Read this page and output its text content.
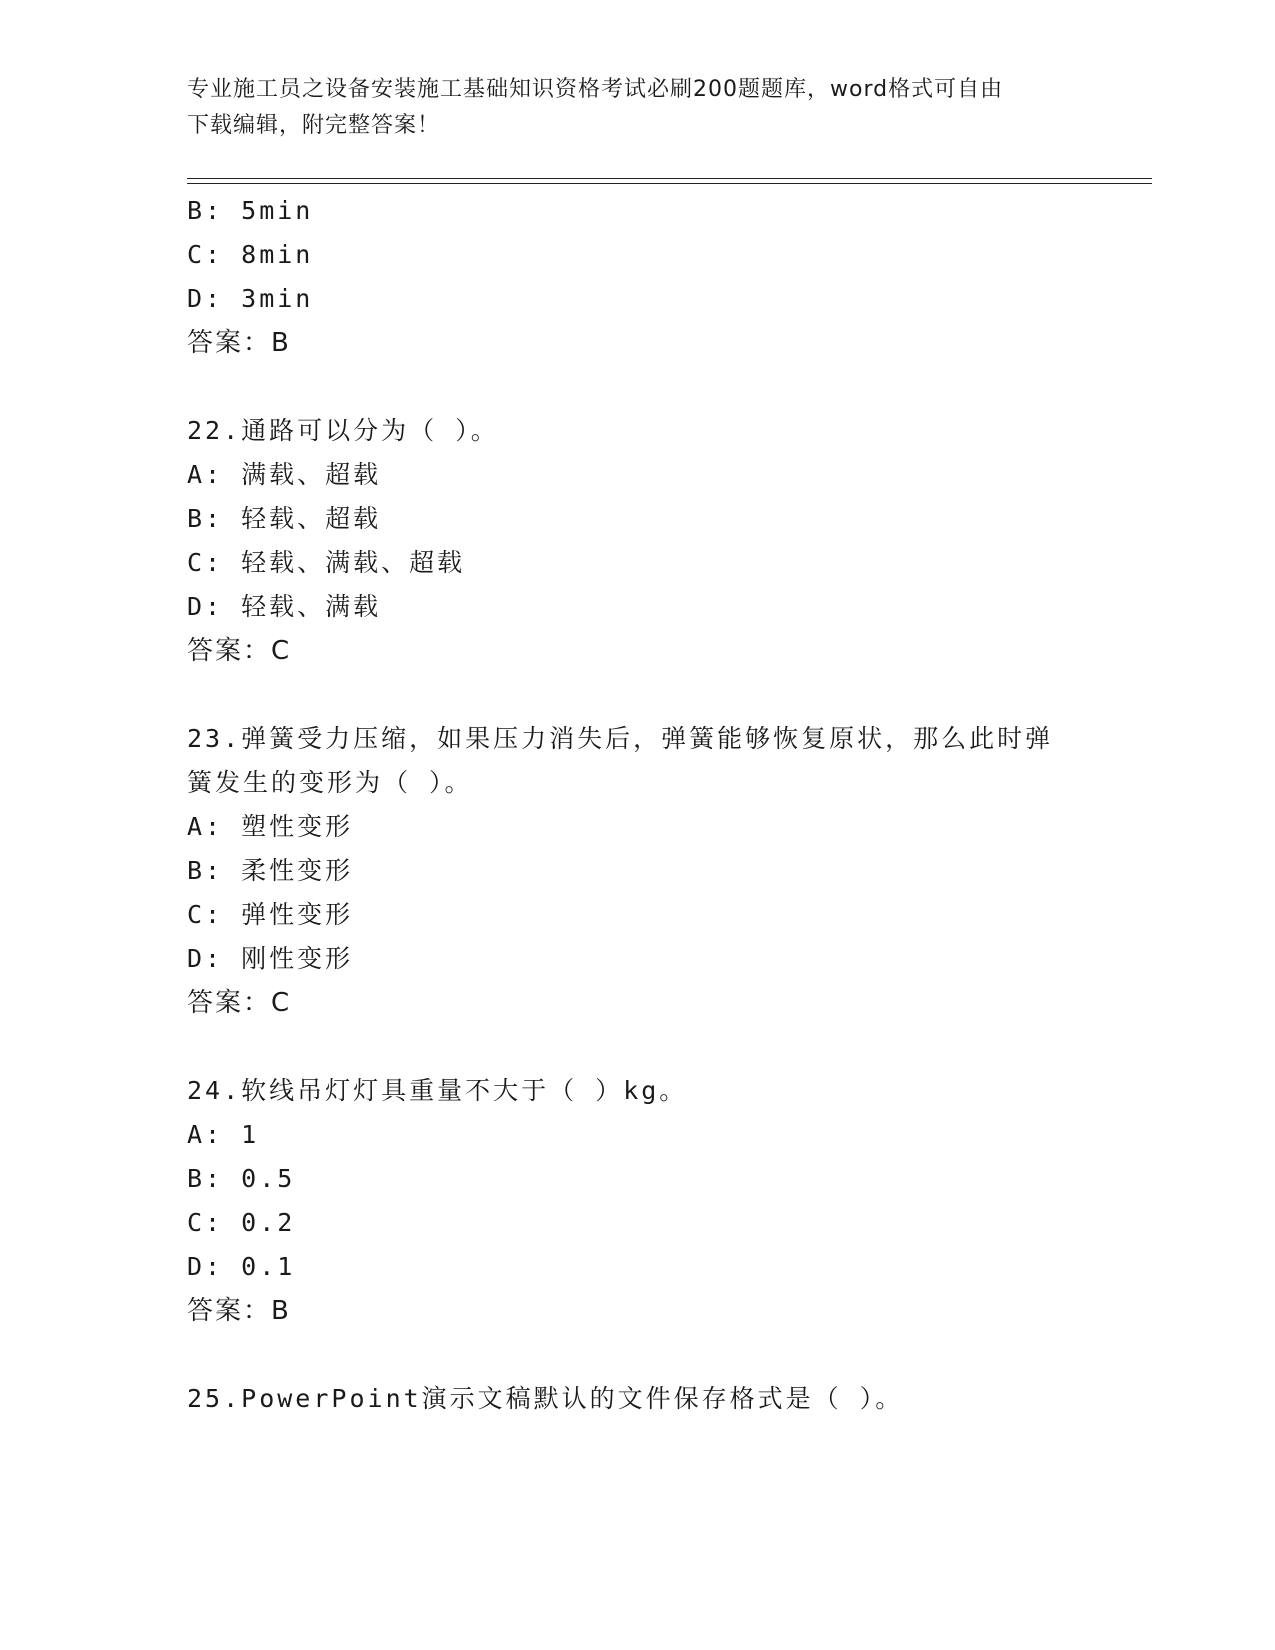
专业施工员之设备安装施工基础知识资格考试必刷200题题库，word格式可自由
下载编辑，附完整答案！
B: 5min
C: 8min
D: 3min
答案：B
22.通路可以分为（ ）。
A: 满载、超载
B: 轻载、超载
C: 轻载、满载、超载
D: 轻载、满载
答案：C
23.弹簧受力压缩，如果压力消失后，弹簧能够恢复原状，那么此时弹
簧发生的变形为（ ）。
A: 塑性变形
B: 柔性变形
C: 弹性变形
D: 刚性变形
答案：C
24.软线吊灯灯具重量不大于（ ）kg。
A: 1
B: 0.5
C: 0.2
D: 0.1
答案：B
25.PowerPoint演示文稿默认的文件保存格式是（ ）。
